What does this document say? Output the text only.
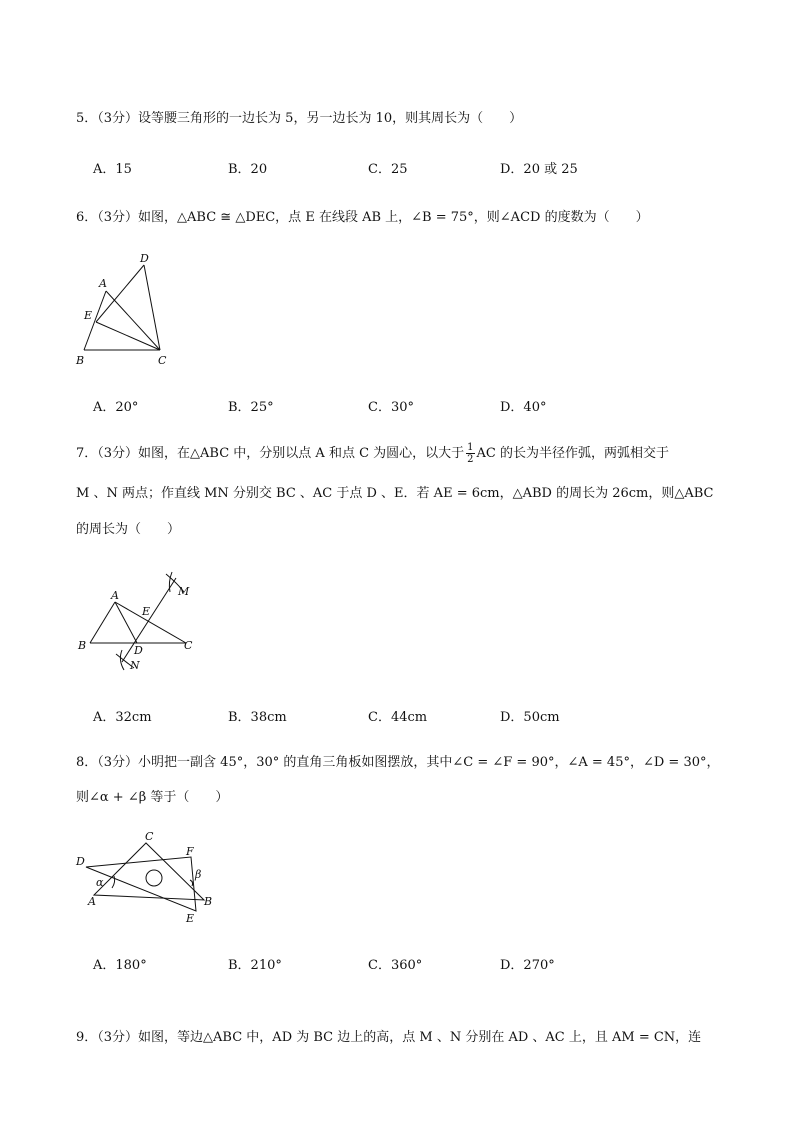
5．（3分）设等腰三角形的一边长为 5，另一边长为 10，则其周长为（　　）
A．15	B．20	C．25	D．20 或 25
6．（3分）如图，△ABC ≅ △DEC，点 E 在线段 AB 上，∠B = 75°，则∠ACD 的度数为（　　）
A
B	C
D
E
A．20°	B．25°	C．30°	D．40°
7．（3分）如图，在△ABC 中，分别以点 A 和点 C 为圆心，以大于 $\frac{1}{2}$ AC 的长为半径作弧，两弧相交于
M 、N 两点；作直线 MN 分别交 BC 、AC 于点 D 、E．若 AE = 6cm，△ABD 的周长为 26cm，则△ABC
的周长为（　　）
A
B	C
D
E
M
N
A．32cm	B．38cm	C．44cm	D．50cm
8．（3分）小明把一副含 45°，30° 的直角三角板如图摆放，其中∠C = ∠F = 90°，∠A = 45°，∠D = 30°，
则∠α + ∠β 等于（　　）
C
D
F
A	B
E
α
β
A．180°	B．210°	C．360°	D．270°
9．（3分）如图，等边△ABC 中，AD 为 BC 边上的高，点 M 、N 分别在 AD 、AC 上，且 AM = CN，连
